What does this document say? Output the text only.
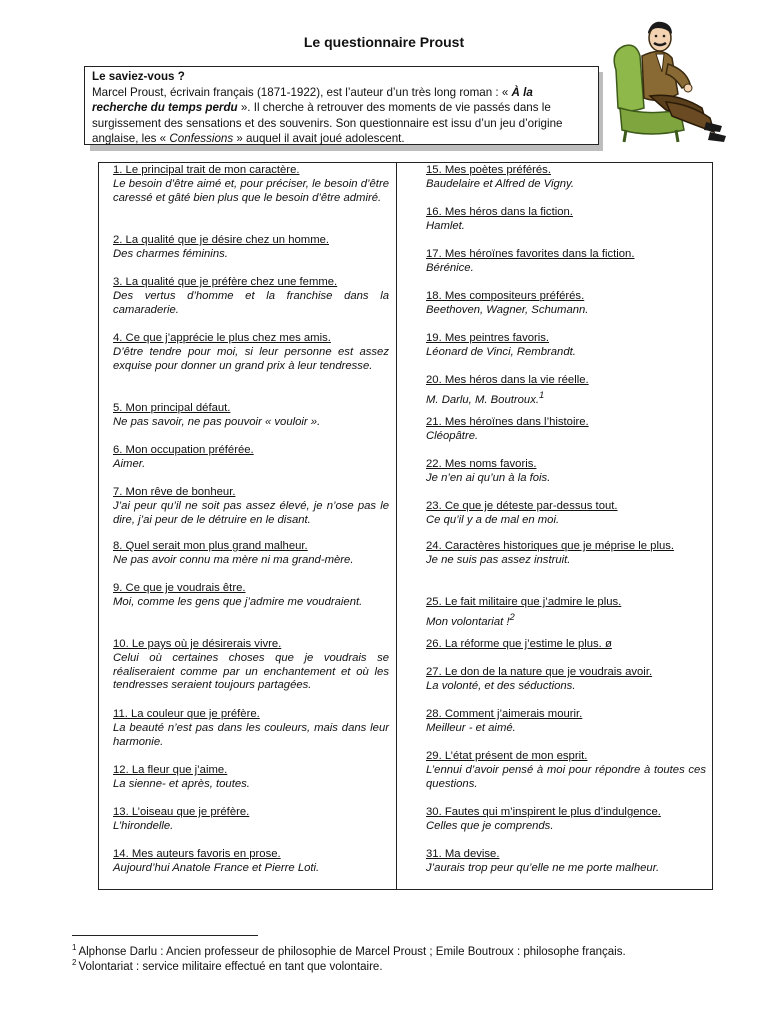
Le questionnaire Proust
Le saviez-vous ?
Marcel Proust, écrivain français (1871-1922), est l’auteur d’un très long roman : « À la recherche du temps perdu ». Il cherche à retrouver des moments de vie passés dans le surgissement des sensations et des souvenirs. Son questionnaire est issu d’un jeu d’origine anglaise, les « Confessions » auquel il avait joué adolescent.
1. Le principal trait de mon caractère.
Le besoin d’être aimé et, pour préciser, le besoin d’être caressé et gâté bien plus que le besoin d’être admiré.
2. La qualité que je désire chez un homme.
Des charmes féminins.
3. La qualité que je préfère chez une femme.
Des vertus d’homme et la franchise dans la camaraderie.
4. Ce que j’apprécie le plus chez mes amis.
D’être tendre pour moi, si leur personne est assez exquise pour donner un grand prix à leur tendresse.
5. Mon principal défaut.
Ne pas savoir, ne pas pouvoir « vouloir ».
6. Mon occupation préférée.
Aimer.
7. Mon rêve de bonheur.
J’ai peur qu’il ne soit pas assez élevé, je n’ose pas le dire, j’ai peur de le détruire en le disant.
8. Quel serait mon plus grand malheur.
Ne pas avoir connu ma mère ni ma grand-mère.
9. Ce que je voudrais être.
Moi, comme les gens que j’admire me voudraient.
10. Le pays où je désirerais vivre.
Celui où certaines choses que je voudrais se réaliseraient comme par un enchantement et où les tendresses seraient toujours partagées.
11. La couleur que je préfère.
La beauté n’est pas dans les couleurs, mais dans leur harmonie.
12. La fleur que j’aime.
La sienne- et après, toutes.
13. L’oiseau que je préfère.
L’hirondelle.
14. Mes auteurs favoris en prose.
Aujourd’hui Anatole France et Pierre Loti.
15. Mes poètes préférés.
Baudelaire et Alfred de Vigny.
16. Mes héros dans la fiction.
Hamlet.
17. Mes héroïnes favorites dans la fiction.
Bérénice.
18. Mes compositeurs préférés.
Beethoven, Wagner, Schumann.
19. Mes peintres favoris.
Léonard de Vinci, Rembrandt.
20. Mes héros dans la vie réelle.
M. Darlu, M. Boutroux.$^1$
21. Mes héroïnes dans l’histoire.
Cléopâtre.
22. Mes noms favoris.
Je n’en ai qu’un à la fois.
23. Ce que je déteste par-dessus tout.
Ce qu’il y a de mal en moi.
24. Caractères historiques que je méprise le plus.
Je ne suis pas assez instruit.
25. Le fait militaire que j’admire le plus.
Mon volontariat !$^2$
26. La réforme que j’estime le plus. ø
27. Le don de la nature que je voudrais avoir.
La volonté, et des séductions.
28. Comment j’aimerais mourir.
Meilleur - et aimé.
29. L’état présent de mon esprit.
L’ennui d’avoir pensé à moi pour répondre à toutes ces questions.
30. Fautes qui m’inspirent le plus d’indulgence.
Celles que je comprends.
31. Ma devise.
J’aurais trop peur qu’elle ne me porte malheur.
$^1$ Alphonse Darlu : Ancien professeur de philosophie de Marcel Proust ; Emile Boutroux : philosophe français.
$^2$ Volontariat : service militaire effectué en tant que volontaire.
